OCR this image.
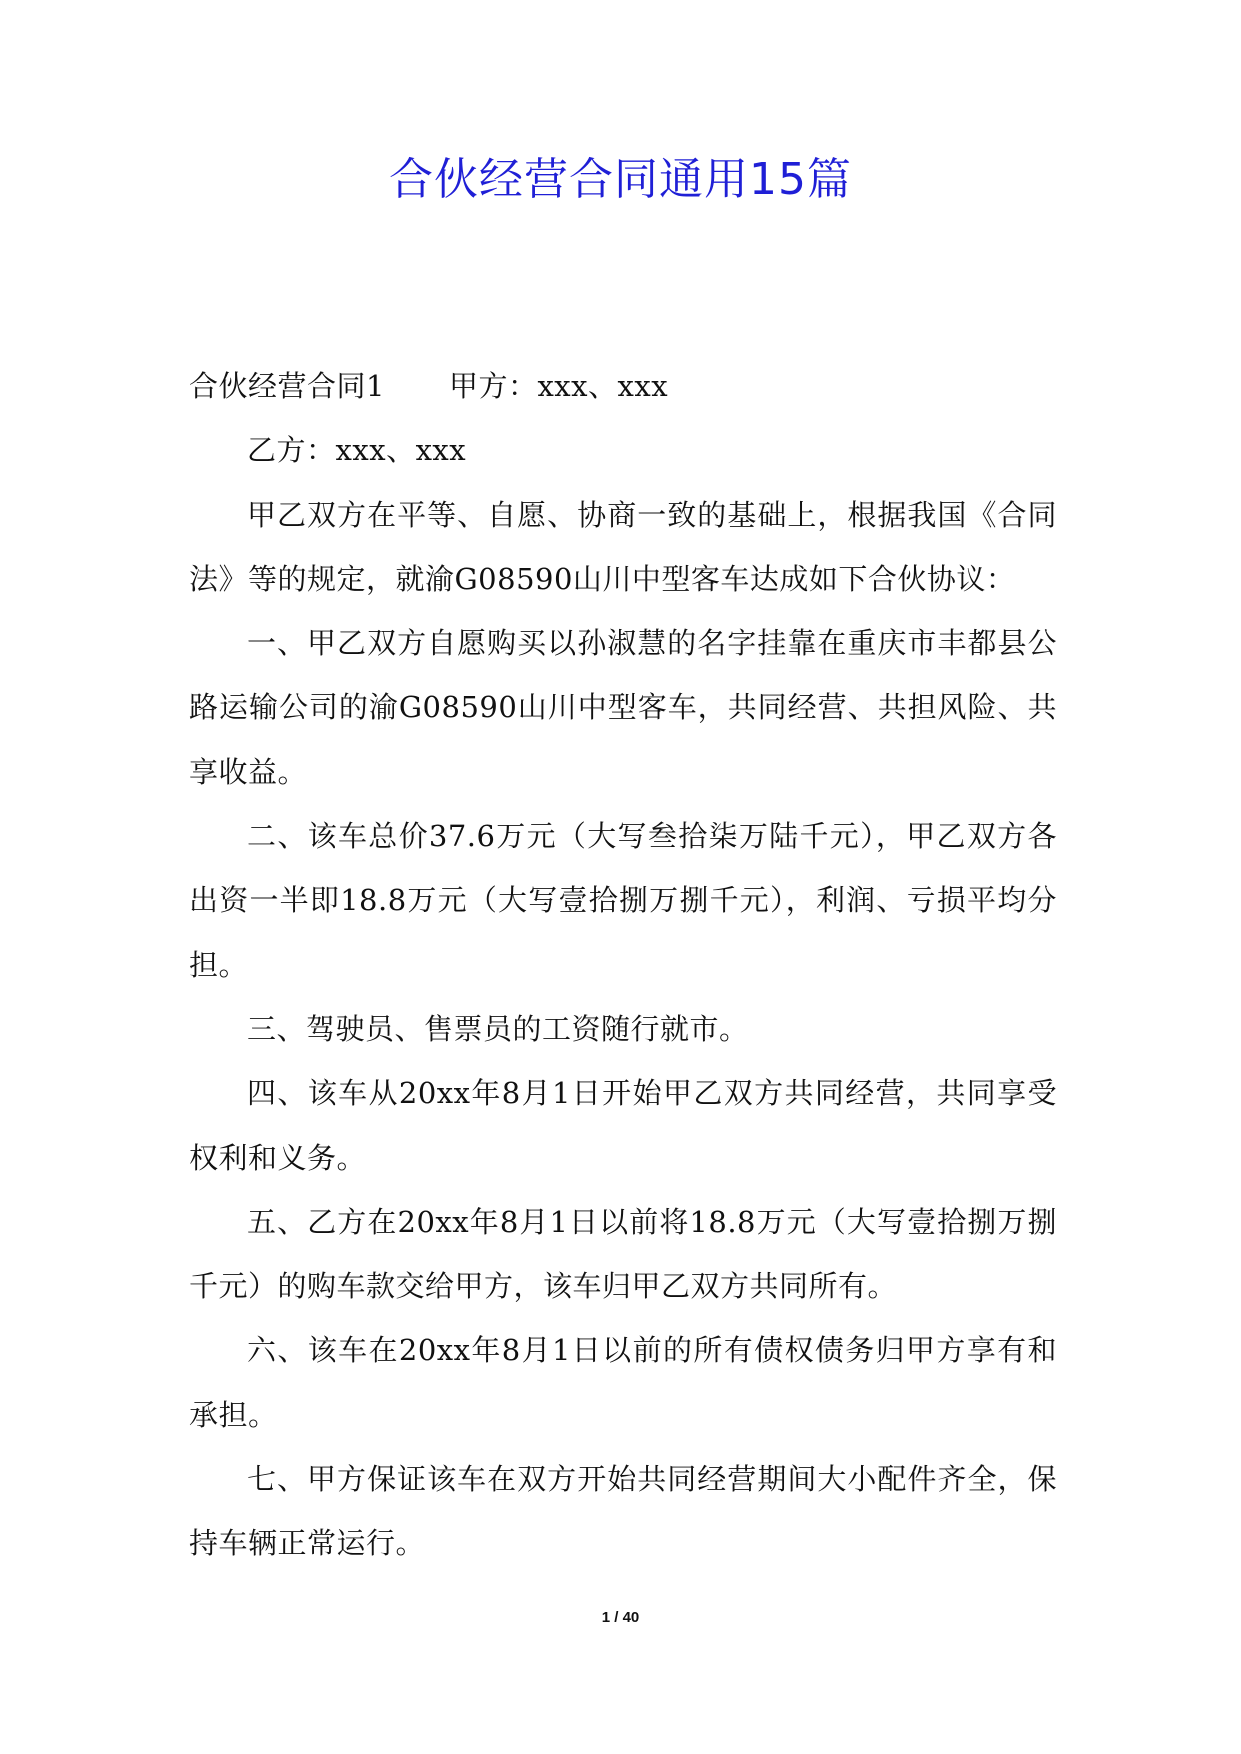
合伙经营合同通用15篇

合伙经营合同1 甲方：xxx、xxx

乙方：xxx、xxx

甲乙双方在平等、自愿、协商一致的基础上，根据我国《合同法》等的规定，就渝G08590山川中型客车达成如下合伙协议：

一、甲乙双方自愿购买以孙淑慧的名字挂靠在重庆市丰都县公路运输公司的渝G08590山川中型客车，共同经营、共担风险、共享收益。

二、该车总价37.6万元（大写叁拾柒万陆千元），甲乙双方各出资一半即18.8万元（大写壹拾捌万捌千元），利润、亏损平均分担。

三、驾驶员、售票员的工资随行就市。

四、该车从20xx年8月1日开始甲乙双方共同经营，共同享受权利和义务。

五、乙方在20xx年8月1日以前将18.8万元（大写壹拾捌万捌千元）的购车款交给甲方，该车归甲乙双方共同所有。

六、该车在20xx年8月1日以前的所有债权债务归甲方享有和承担。

七、甲方保证该车在双方开始共同经营期间大小配件齐全，保持车辆正常运行。

1 / 40
